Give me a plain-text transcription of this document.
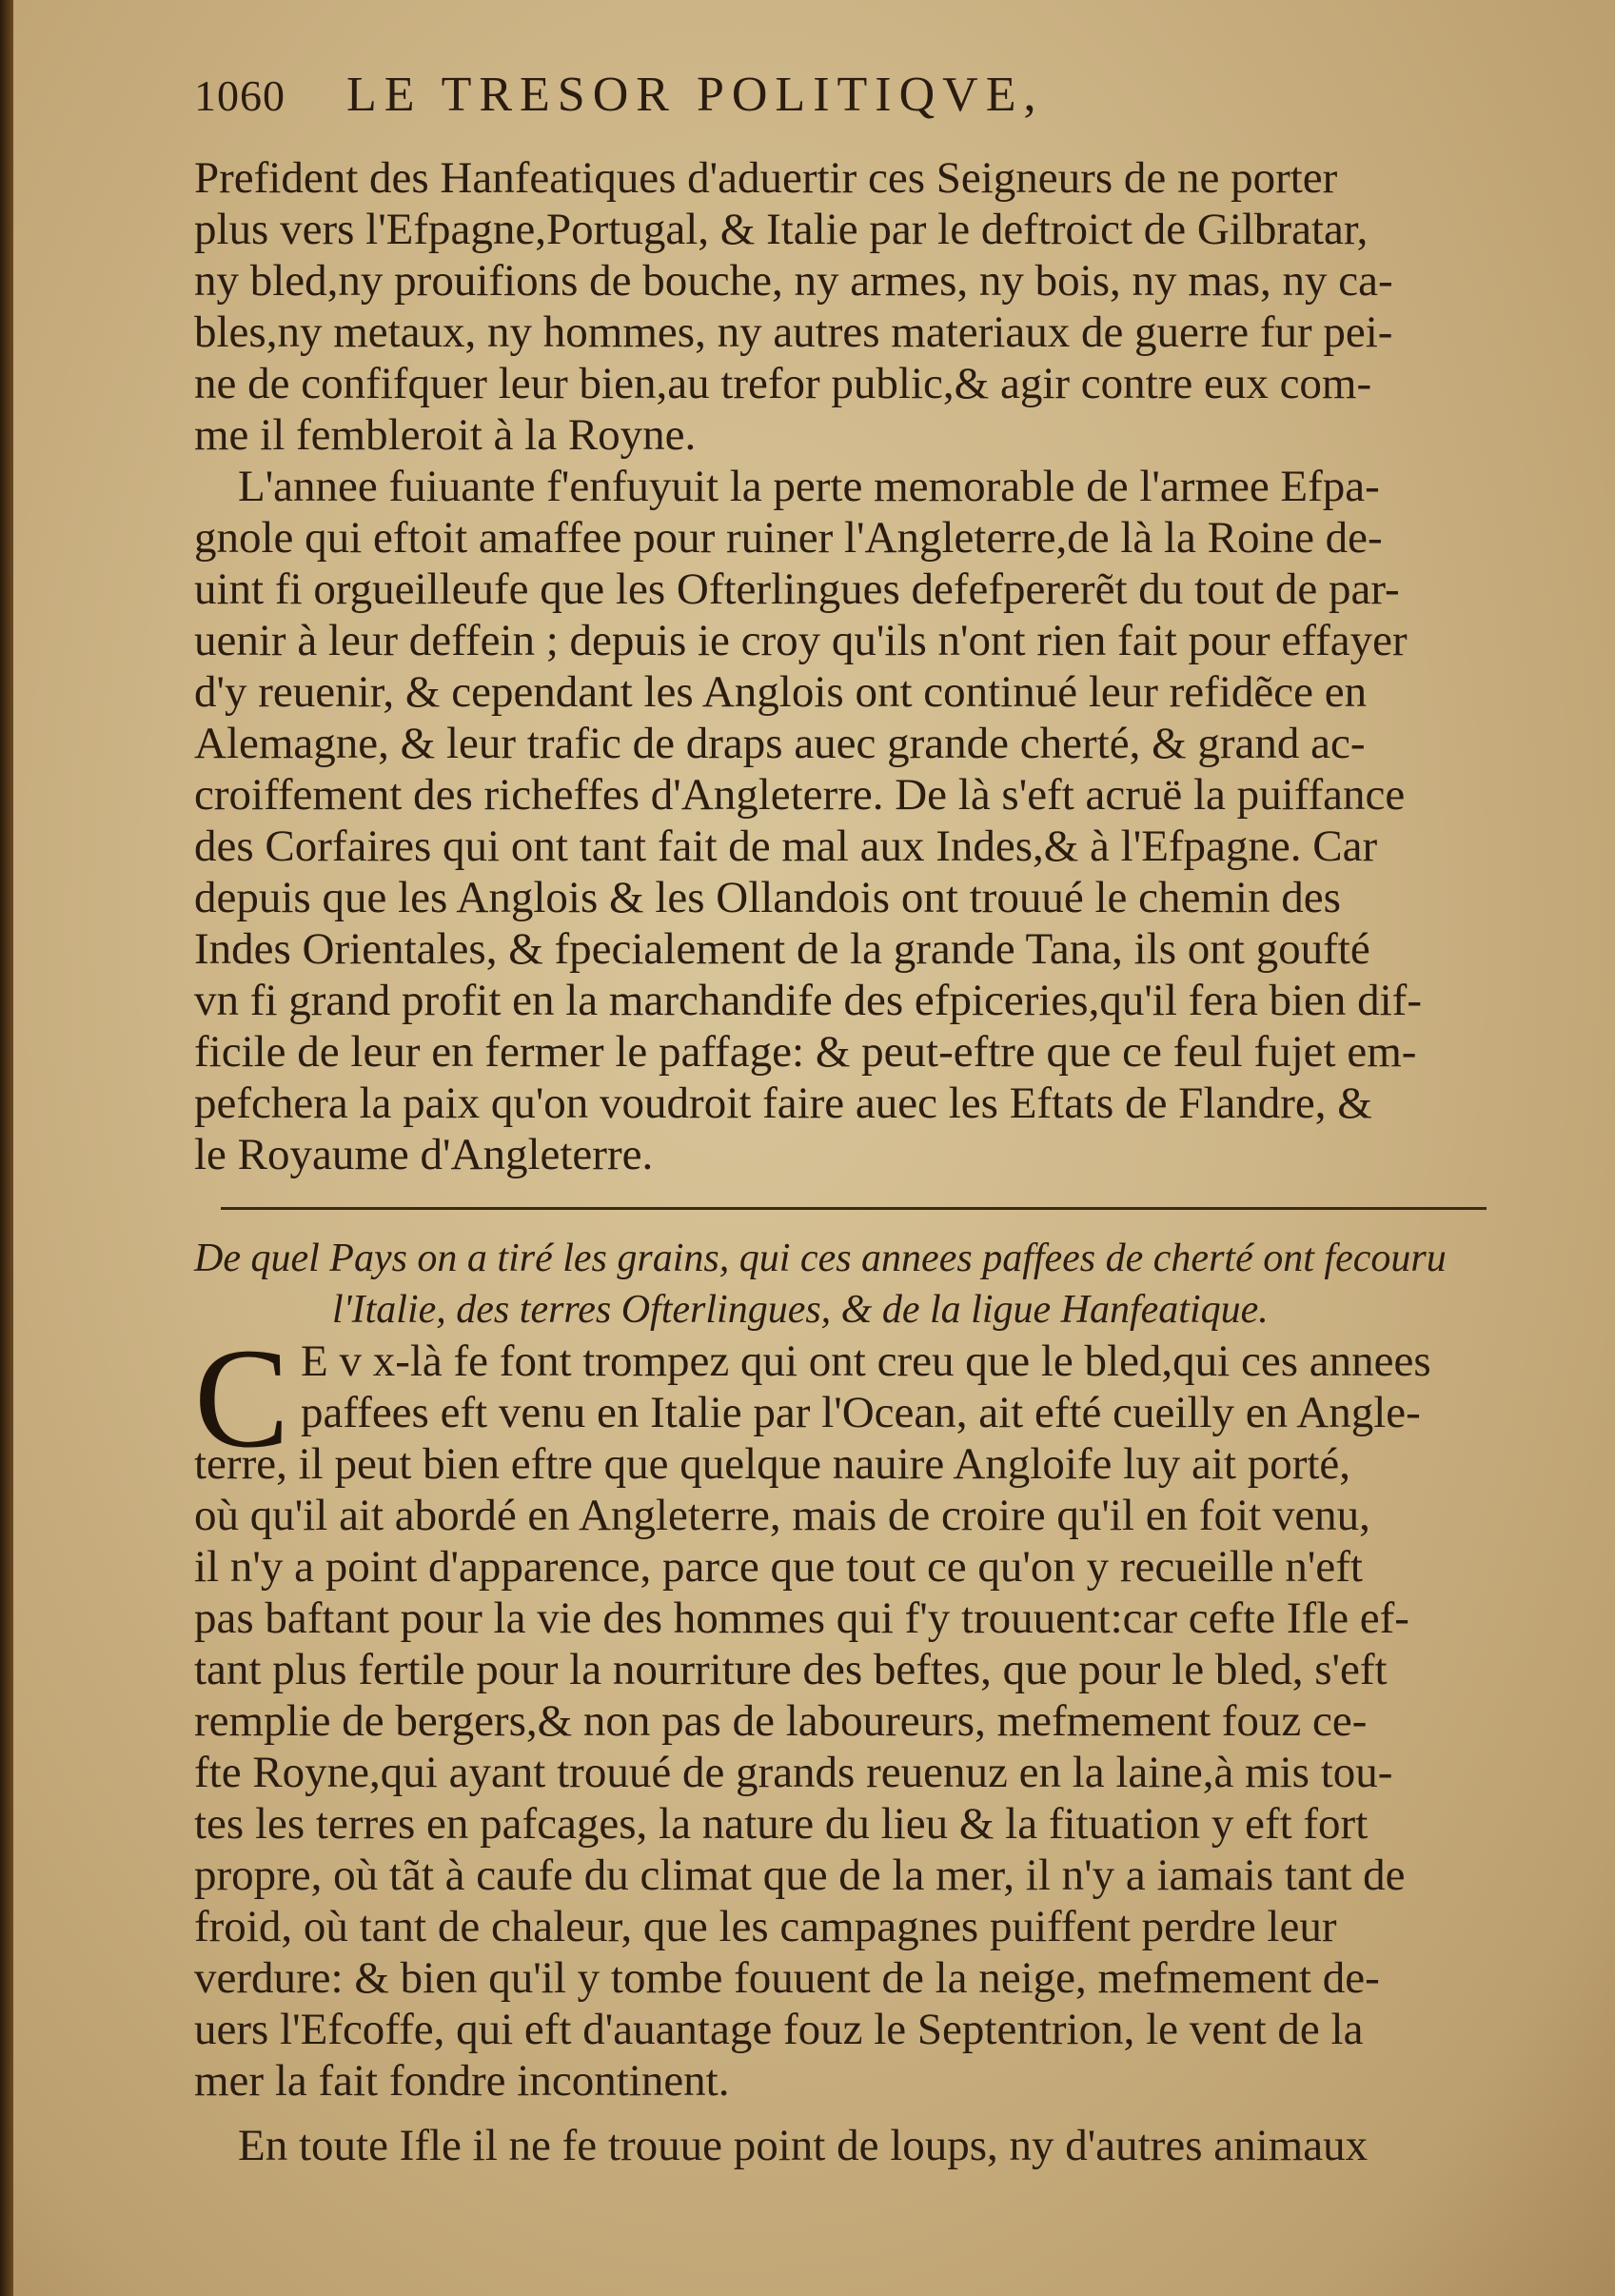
1060	LE TRESOR POLITIQVE,
Prefident des Hanfeatiques d'aduertir ces Seigneurs de ne porter
plus vers l'Efpagne,Portugal, & Italie par le deftroict de Gilbratar,
ny bled,ny prouifions de bouche, ny armes, ny bois, ny mas, ny ca-
bles,ny metaux, ny hommes, ny autres materiaux de guerre fur pei-
ne de confifquer leur bien,au trefor public,& agir contre eux com-
me il fembleroit à la Royne.
L'annee fuiuante f'enfuyuit la perte memorable de l'armee Efpa-
gnole qui eftoit amaffee pour ruiner l'Angleterre,de là la Roine de-
uint fi orgueilleufe que les Ofterlingues defefpererẽt du tout de par-
uenir à leur deffein ; depuis ie croy qu'ils n'ont rien fait pour effayer
d'y reuenir, & cependant les Anglois ont continué leur refidẽce en
Alemagne, & leur trafic de draps auec grande cherté, & grand ac-
croiffement des richeffes d'Angleterre. De là s'eft acruë la puiffance
des Corfaires qui ont tant fait de mal aux Indes,& à l'Efpagne. Car
depuis que les Anglois & les Ollandois ont trouué le chemin des
Indes Orientales, & fpecialement de la grande Tana, ils ont goufté
vn fi grand profit en la marchandife des efpiceries,qu'il fera bien dif-
ficile de leur en fermer le paffage: & peut-eftre que ce feul fujet em-
pefchera la paix qu'on voudroit faire auec les Eftats de Flandre, &
le Royaume d'Angleterre.
De quel Pays on a tiré les grains, qui ces annees paffees de cherté ont fecouru
l'Italie, des terres Ofterlingues, & de la ligue Hanfeatique.
C E v x-là fe font trompez qui ont creu que le bled,qui ces annees
paffees eft venu en Italie par l'Ocean, ait efté cueilly en Angle-
terre, il peut bien eftre que quelque nauire Angloife luy ait porté,
où qu'il ait abordé en Angleterre, mais de croire qu'il en foit venu,
il n'y a point d'apparence, parce que tout ce qu'on y recueille n'eft
pas baftant pour la vie des hommes qui f'y trouuent:car cefte Ifle ef-
tant plus fertile pour la nourriture des beftes, que pour le bled, s'eft
remplie de bergers,& non pas de laboureurs, mefmement fouz ce-
fte Royne,qui ayant trouué de grands reuenuz en la laine,à mis tou-
tes les terres en pafcages, la nature du lieu & la fituation y eft fort
propre, où tãt à caufe du climat que de la mer, il n'y a iamais tant de
froid, où tant de chaleur, que les campagnes puiffent perdre leur
verdure: & bien qu'il y tombe fouuent de la neige, mefmement de-
uers l'Efcoffe, qui eft d'auantage fouz le Septentrion, le vent de la
mer la fait fondre incontinent.
En toute Ifle il ne fe trouue point de loups, ny d'autres animaux
